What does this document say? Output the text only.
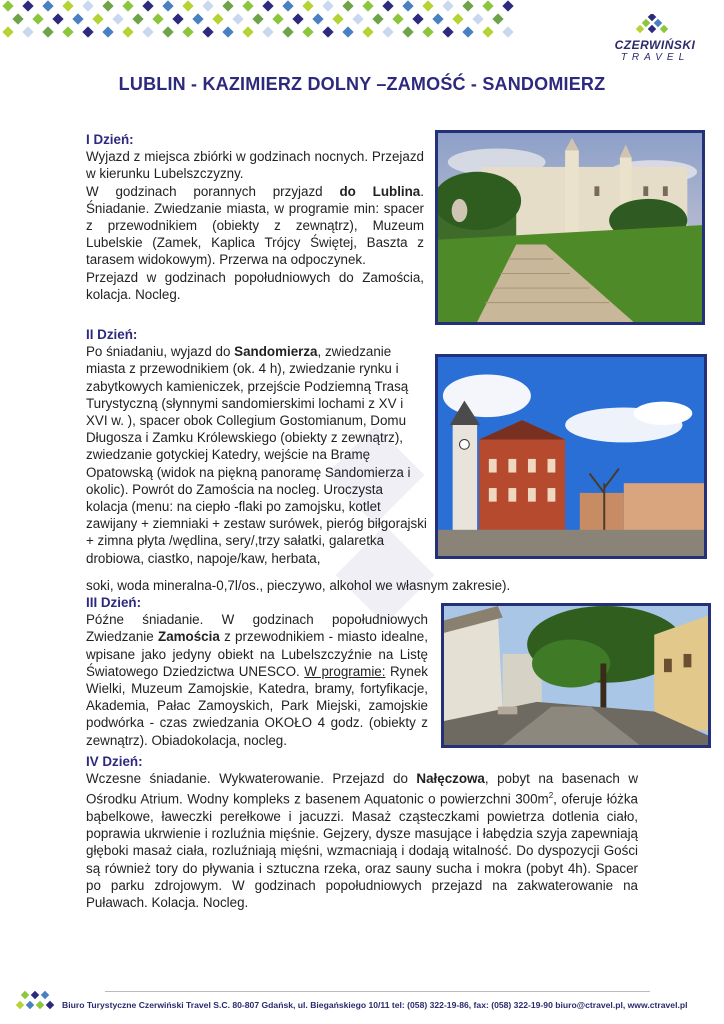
CZERWIŃSKI
TRAVEL
LUBLIN - KAZIMIERZ DOLNY –ZAMOŚĆ - SANDOMIERZ

I Dzień:

Wyjazd z miejsca zbiórki w godzinach nocnych. Przejazd w kierunku Lubelszczyzny.

W godzinach porannych przyjazd do Lublina. Śniadanie. Zwiedzanie miasta, w programie min: spacer z przewodnikiem (obiekty z zewnątrz), Muzeum Lubelskie (Zamek, Kaplica Trójcy Świętej, Baszta z tarasem widokowym). Przerwa na odpoczynek.

Przejazd w godzinach popołudniowych do Zamościa, kolacja. Nocleg.

II Dzień:

Po śniadaniu, wyjazd do Sandomierza, zwiedzanie miasta z przewodnikiem (ok. 4 h), zwiedzanie rynku i zabytkowych kamieniczek, przejście Podziemną Trasą Turystyczną (słynnymi sandomierskimi lochami z XV i XVI w. ), spacer obok Collegium Gostomianum, Domu Długosza i Zamku Królewskiego (obiekty z zewnątrz), zwiedzanie gotyckiej Katedry, wejście na Bramę Opatowską (widok na piękną panoramę Sandomierza i okolic). Powrót do Zamościa na nocleg. Uroczysta kolacja (menu: na ciepło -flaki po zamojsku, kotlet zawijany + ziemniaki + zestaw surówek, pieróg biłgorajski + zimna płyta /wędlina, sery/,trzy sałatki, galaretka drobiowa, ciastko, napoje/kaw, herbata,

soki, woda mineralna-0,7l/os., pieczywo, alkohol we własnym zakresie).

III Dzień:

Późne śniadanie. W godzinach popołudniowych Zwiedzanie Zamościa z przewodnikiem - miasto idealne, wpisane jako jedyny obiekt na Lubelszczyźnie na Listę Światowego Dziedzictwa UNESCO. W programie: Rynek Wielki, Muzeum Zamojskie, Katedra, bramy, fortyfikacje, Akademia, Pałac Zamoyskich, Park Miejski, zamojskie podwórka - czas zwiedzania OKOŁO 4 godz. (obiekty z zewnątrz). Obiadokolacja, nocleg.

IV Dzień:

Wczesne śniadanie. Wykwaterowanie. Przejazd do Nałęczowa, pobyt na basenach w Ośrodku Atrium. Wodny kompleks z basenem Aquatonic o powierzchni $300m^2$, oferuje łóżka bąbelkowe, ławeczki perełkowe i jacuzzi. Masaż cząsteczkami powietrza dotlenia ciało, poprawia ukrwienie i rozluźnia mięśnie. Gejzery, dysze masujące i łabędzia szyja zapewniają głęboki masaż ciała, rozluźniają mięśni, wzmacniają i dodają witalność. Do dyspozycji Gości są również tory do pływania i sztuczna rzeka, oraz sauny sucha i mokra (pobyt 4h). Spacer po parku zdrojowym. W godzinach popołudniowych przejazd na zakwaterowanie na Puławach. Kolacja. Nocleg.

Biuro Turystyczne Czerwiński Travel S.C. 80-807 Gdańsk, ul. Biegańskiego 10/11 tel: (058) 322-19-86, fax: (058) 322-19-90 biuro@ctravel.pl, www.ctravel.pl
